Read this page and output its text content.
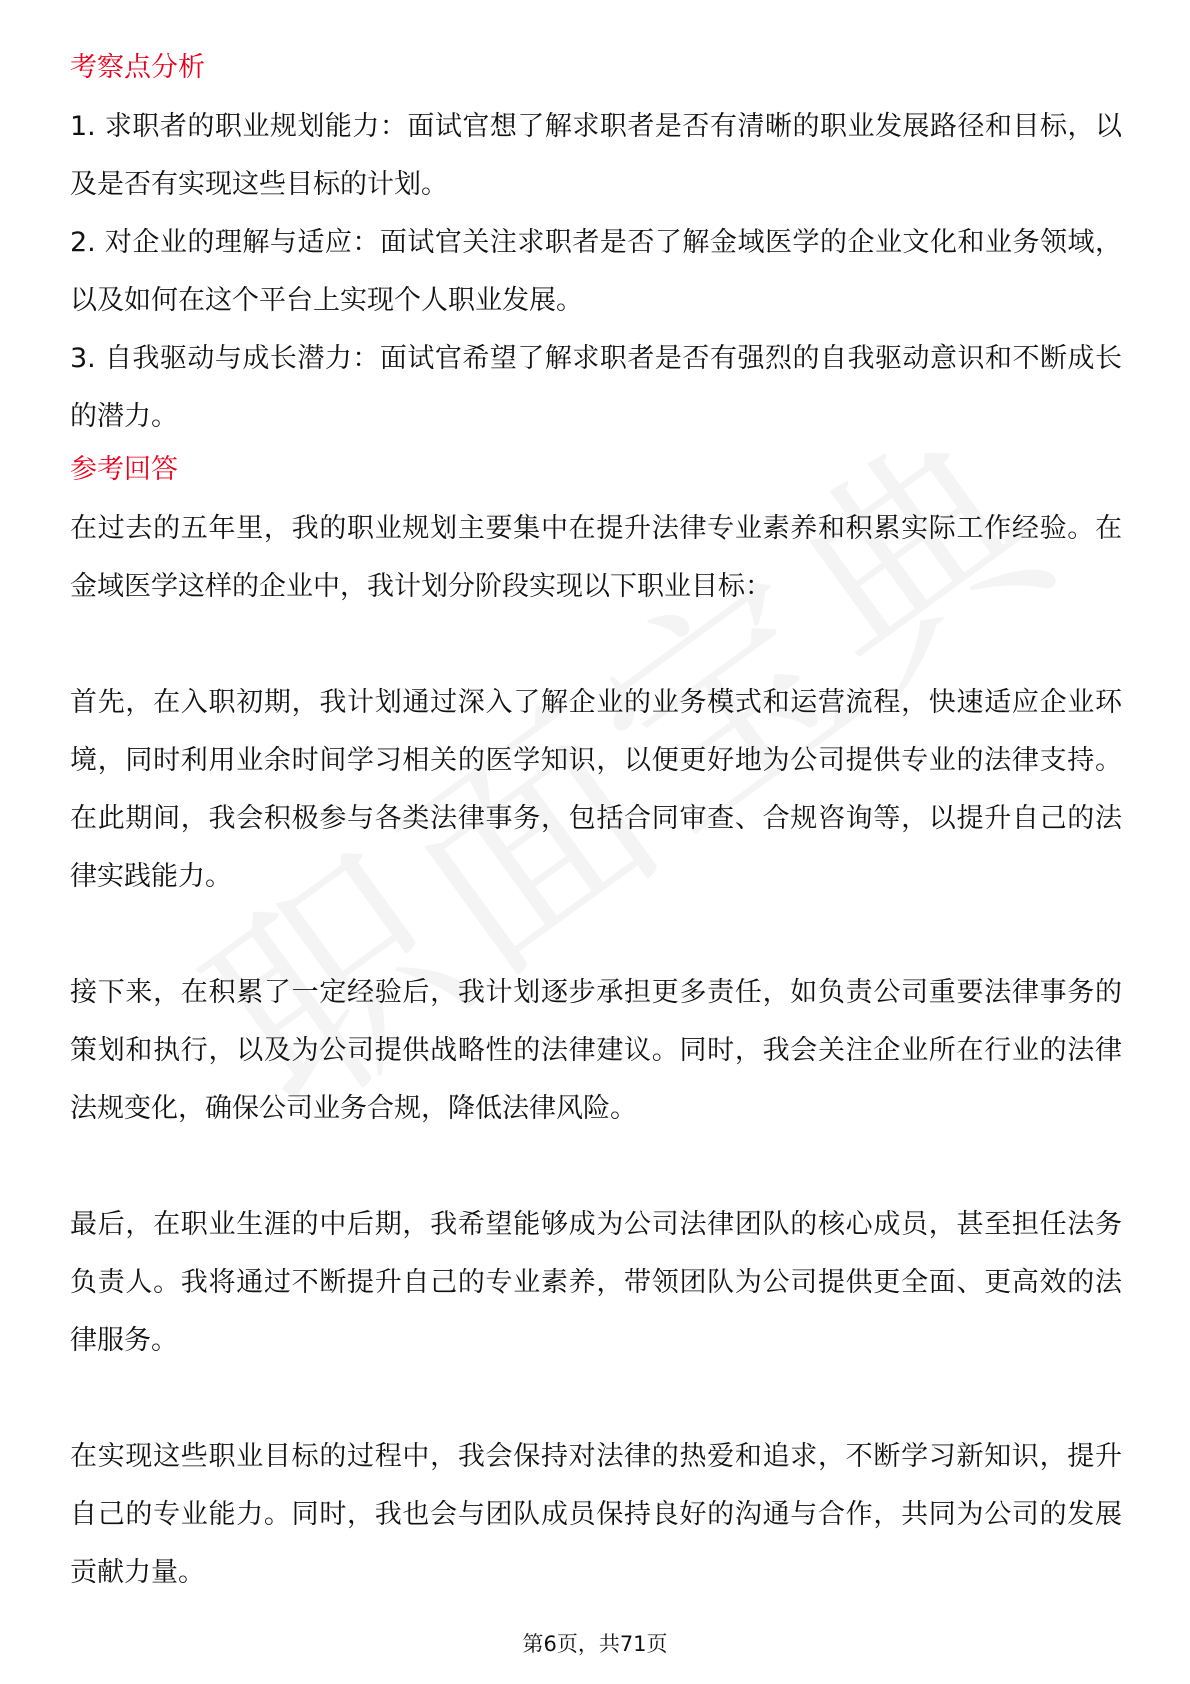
考察点分析

1. 求职者的职业规划能力：面试官想了解求职者是否有清晰的职业发展路径和目标，以及是否有实现这些目标的计划。

2. 对企业的理解与适应：面试官关注求职者是否了解金域医学的企业文化和业务领域，以及如何在这个平台上实现个人职业发展。

3. 自我驱动与成长潜力：面试官希望了解求职者是否有强烈的自我驱动意识和不断成长的潜力。

参考回答

在过去的五年里，我的职业规划主要集中在提升法律专业素养和积累实际工作经验。在金域医学这样的企业中，我计划分阶段实现以下职业目标：

首先，在入职初期，我计划通过深入了解企业的业务模式和运营流程，快速适应企业环境，同时利用业余时间学习相关的医学知识，以便更好地为公司提供专业的法律支持。在此期间，我会积极参与各类法律事务，包括合同审查、合规咨询等，以提升自己的法律实践能力。

接下来，在积累了一定经验后，我计划逐步承担更多责任，如负责公司重要法律事务的策划和执行，以及为公司提供战略性的法律建议。同时，我会关注企业所在行业的法律法规变化，确保公司业务合规，降低法律风险。

最后，在职业生涯的中后期，我希望能够成为公司法律团队的核心成员，甚至担任法务负责人。我将通过不断提升自己的专业素养，带领团队为公司提供更全面、更高效的法律服务。

在实现这些职业目标的过程中，我会保持对法律的热爱和追求，不断学习新知识，提升自己的专业能力。同时，我也会与团队成员保持良好的沟通与合作，共同为公司的发展贡献力量。

第6页，共71页
